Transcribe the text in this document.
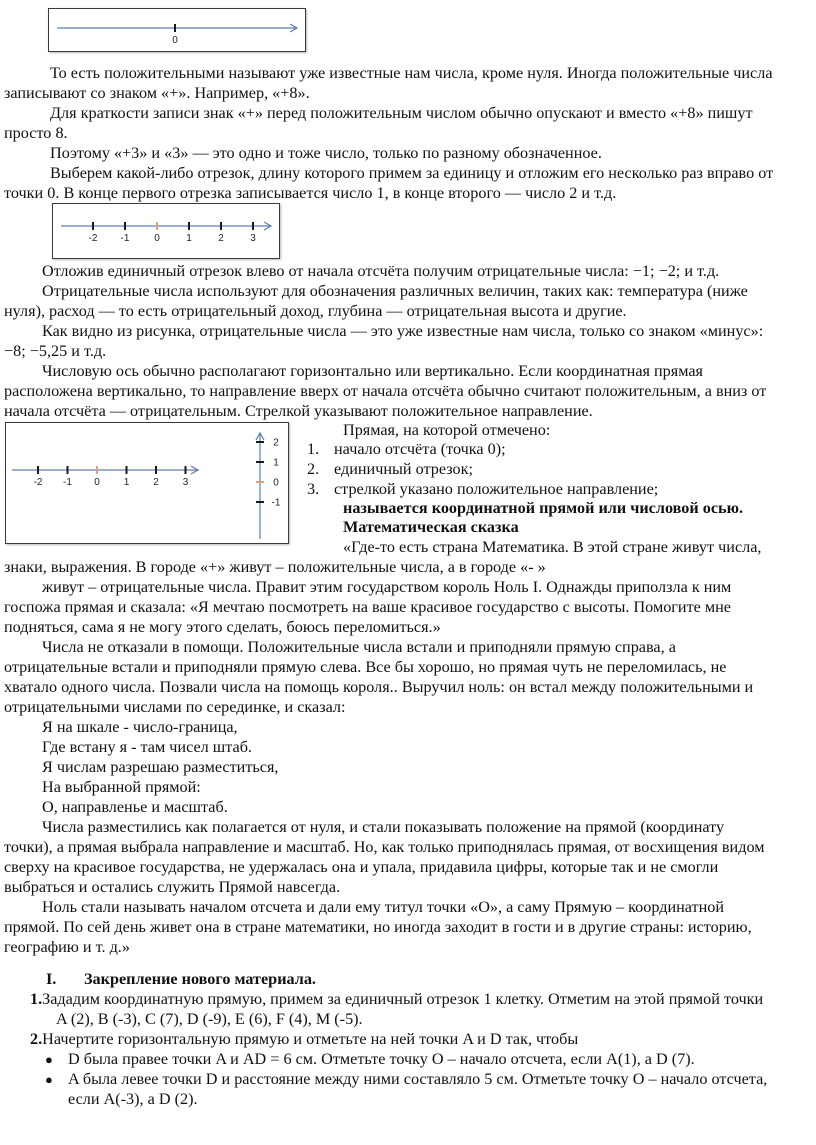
0
То есть положительными называют уже известные нам числа, кроме нуля. Иногда положительные числа
записывают со знаком «+». Например, «+8».
Для краткости записи знак «+» перед положительным числом обычно опускают и вместо «+8» пишут
просто 8.
Поэтому «+3» и «3» — это одно и тоже число, только по разному обозначенное.
Выберем какой-либо отрезок, длину которого примем за единицу и отложим его несколько раз вправо от
точки 0. В конце первого отрезка записывается число 1, в конце второго — число 2 и т.д.
-2 -1 0	1	2	3
Отложив единичный отрезок влево от начала отсчёта получим отрицательные числа: −1; −2; и т.д.
Отрицательные числа используют для обозначения различных величин, таких как: температура (ниже
нуля), расход — то есть отрицательный доход, глубина — отрицательная высота и другие.
Как видно из рисунка, отрицательные числа — это уже известные нам числа, только со знаком «минус»:
−8; −5,25 и т.д.
Числовую ось обычно располагают горизонтально или вертикально. Если координатная прямая
расположена вертикально, то направление вверх от начала отсчёта обычно считают положительным, а вниз от
начала отсчёта — отрицательным. Стрелкой указывают положительное направление.
-2 -1 0 1 2 3
2
1
0
-1
Прямая, на которой отмечено:
1. начало отсчёта (точка 0);
2. единичный отрезок;
3. стрелкой указано положительное направление;
называется координатной прямой или числовой осью.
Математическая сказка
«Где-то есть страна Математика. В этой стране живут числа,
знаки, выражения. В городе «+» живут – положительные числа, а в городе «- »
живут – отрицательные числа. Правит этим государством король Ноль I. Однажды приползла к ним
госпожа прямая и сказала: «Я мечтаю посмотреть на ваше красивое государство с высоты. Помогите мне
подняться, сама я не могу этого сделать, боюсь переломиться.»
Числа не отказали в помощи. Положительные числа встали и приподняли прямую справа, а
отрицательные встали и приподняли прямую слева. Все бы хорошо, но прямая чуть не переломилась, не
хватало одного числа. Позвали числа на помощь короля.. Выручил ноль: он встал между положительными и
отрицательными числами по серединке, и сказал:
Я на шкале - число-граница,
Где встану я - там чисел штаб.
Я числам разрешаю разместиться,
На выбранной прямой:
О, направленье и масштаб.
Числа разместились как полагается от нуля, и стали показывать положение на прямой (координату
точки), а прямая выбрала направление и масштаб. Но, как только приподнялась прямая, от восхищения видом
сверху на красивое государства, не удержалась она и упала, придавила цифры, которые так и не смогли
выбраться и остались служить Прямой навсегда.
Ноль стали называть началом отсчета и дали ему титул точки «О», а саму Прямую – координатной
прямой. По сей день живет она в стране математики, но иногда заходит в гости и в другие страны: историю,
географию и т. д.»
I. Закрепление нового материала.
1.Зададим координатную прямую, примем за единичный отрезок 1 клетку. Отметим на этой прямой точки
A (2), B (-3), C (7), D (-9), E (6), F (4), M (-5).
2.Начертите горизонтальную прямую и отметьте на ней точки A и D так, чтобы
● D была правее точки A и AD = 6 см. Отметьте точку O – начало отсчета, если A(1), а D (7).
● A была левее точки D и расстояние между ними составляло 5 см. Отметьте точку O – начало отсчета,
если A(-3), а D (2).
